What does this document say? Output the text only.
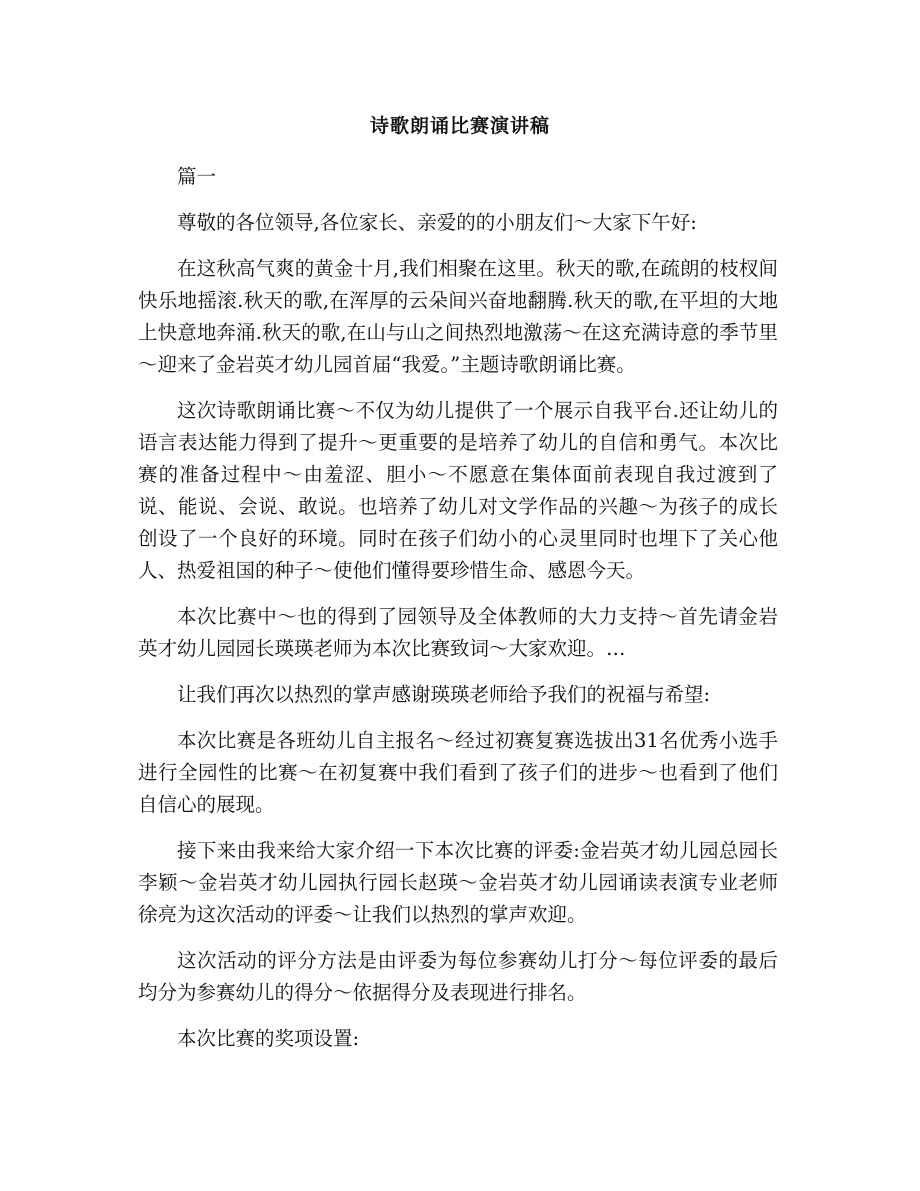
诗歌朗诵比赛演讲稿

篇一

尊敬的各位领导,各位家长、亲爱的的小朋友们～大家下午好:

在这秋高气爽的黄金十月,我们相聚在这里。秋天的歌,在疏朗的枝杈间快乐地摇滚.秋天的歌,在浑厚的云朵间兴奋地翻腾.秋天的歌,在平坦的大地上快意地奔涌.秋天的歌,在山与山之间热烈地激荡～在这充满诗意的季节里～迎来了金岩英才幼儿园首届“我爱。”主题诗歌朗诵比赛。

这次诗歌朗诵比赛～不仅为幼儿提供了一个展示自我平台.还让幼儿的语言表达能力得到了提升～更重要的是培养了幼儿的自信和勇气。本次比赛的准备过程中～由羞涩、胆小～不愿意在集体面前表现自我过渡到了说、能说、会说、敢说。也培养了幼儿对文学作品的兴趣～为孩子的成长创设了一个良好的环境。同时在孩子们幼小的心灵里同时也埋下了关心他人、热爱祖国的种子～使他们懂得要珍惜生命、感恩今天。

本次比赛中～也的得到了园领导及全体教师的大力支持～首先请金岩英才幼儿园园长瑛瑛老师为本次比赛致词～大家欢迎。…

让我们再次以热烈的掌声感谢瑛瑛老师给予我们的祝福与希望:

本次比赛是各班幼儿自主报名～经过初赛复赛选拔出31名优秀小选手进行全园性的比赛～在初复赛中我们看到了孩子们的进步～也看到了他们自信心的展现。

接下来由我来给大家介绍一下本次比赛的评委:金岩英才幼儿园总园长李颖～金岩英才幼儿园执行园长赵瑛～金岩英才幼儿园诵读表演专业老师徐亮为这次活动的评委～让我们以热烈的掌声欢迎。

这次活动的评分方法是由评委为每位参赛幼儿打分～每位评委的最后均分为参赛幼儿的得分～依据得分及表现进行排名。

本次比赛的奖项设置:
